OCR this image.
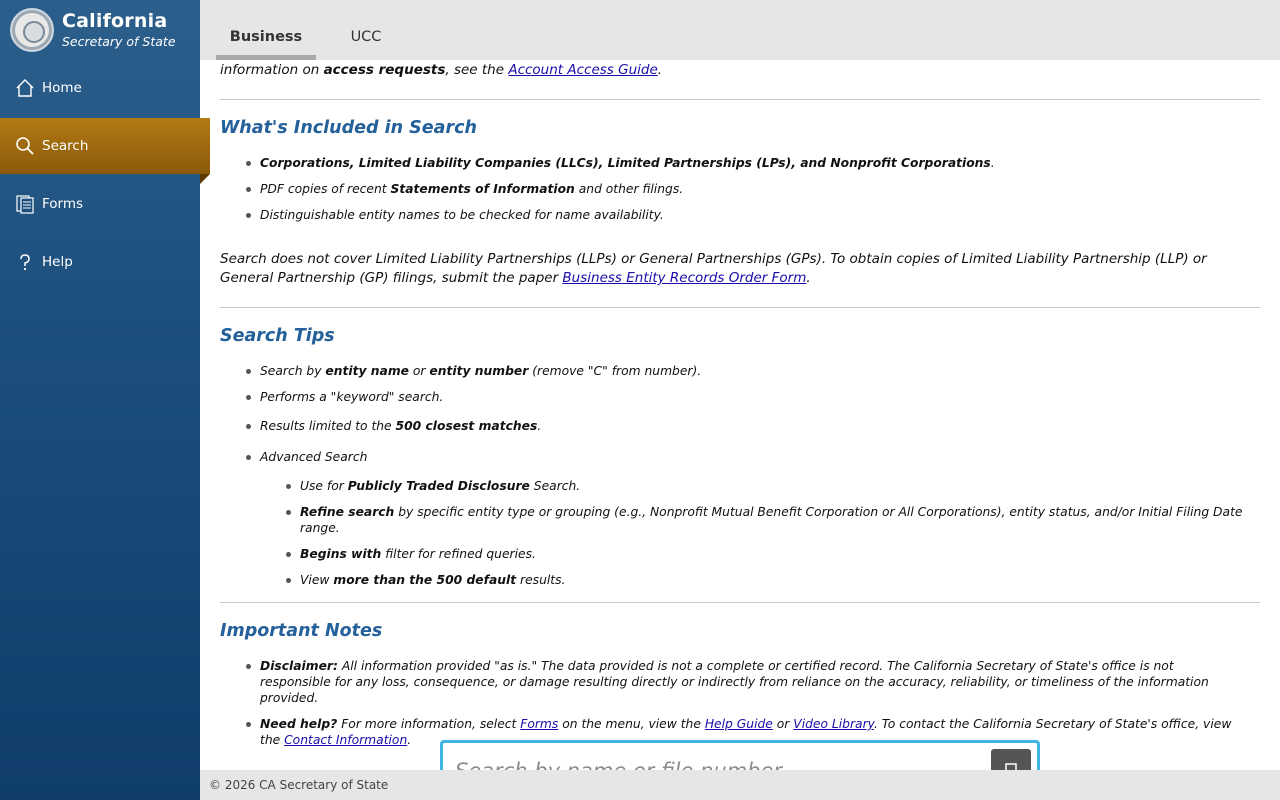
California
Secretary of State
Home
Search
Forms
Help
Business	UCC

information on access requests, see the Account Access Guide.

What's Included in Search
Corporations, Limited Liability Companies (LLCs), Limited Partnerships (LPs), and Nonprofit Corporations.
PDF copies of recent Statements of Information and other filings.
Distinguishable entity names to be checked for name availability.

Search does not cover Limited Liability Partnerships (LLPs) or General Partnerships (GPs). To obtain copies of Limited Liability Partnership (LLP) or General Partnership (GP) filings, submit the paper Business Entity Records Order Form.

Search Tips
Search by entity name or entity number (remove "C" from number).
Performs a "keyword" search.
Results limited to the 500 closest matches.
Advanced Search
Use for Publicly Traded Disclosure Search.
Refine search by specific entity type or grouping (e.g., Nonprofit Mutual Benefit Corporation or All Corporations), entity status, and/or Initial Filing Date range.
Begins with filter for refined queries.
View more than the 500 default results.
Important Notes
Disclaimer: All information provided "as is." The data provided is not a complete or certified record. The California Secretary of State's office is not responsible for any loss, consequence, or damage resulting directly or indirectly from reliance on the accuracy, reliability, or timeliness of the information provided.
Need help? For more information, select Forms on the menu, view the Help Guide or Video Library. To contact the California Secretary of State's office, view the Contact Information.
Search by name or file number
© 2026 CA Secretary of State
